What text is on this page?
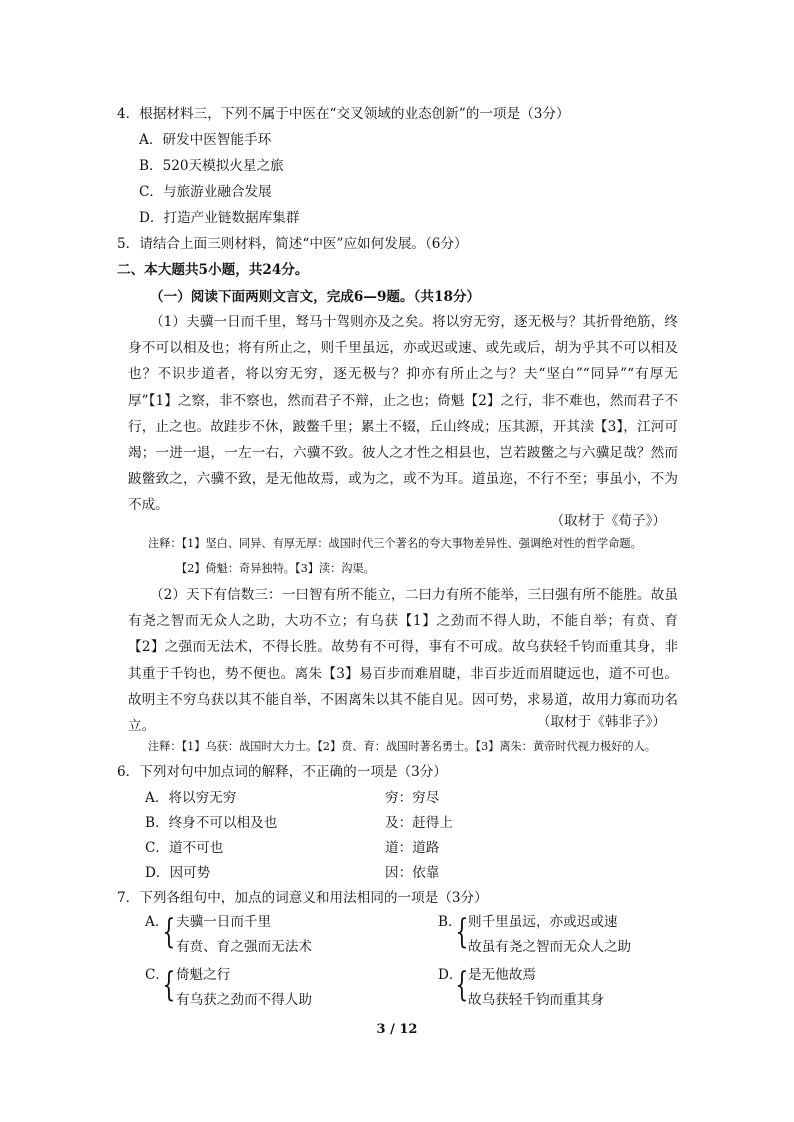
4．根据材料三，下列不属于中医在“交叉领域的业态创新”的一项是（3分）
A．研发中医智能手环
B．520天模拟火星之旅
C．与旅游业融合发展
D．打造产业链数据库集群
5．请结合上面三则材料，简述“中医”应如何发展。（6分）
二、本大题共5小题，共24分。
（一）阅读下面两则文言文，完成6—9题。（共18分）

（1）夫骥一日而千里，驽马十驾则亦及之矣。将以穷无穷，逐无极与？其折骨绝筋，终身不可以相及也；将有所止之，则千里虽远，亦或迟或速、或先或后，胡为乎其不可以相及也？不识步道者，将以穷无穷，逐无极与？抑亦有所止之与？夫“坚白”“同异”“有厚无厚”【1】之察，非不察也，然而君子不辩，止之也；倚魁【2】之行，非不难也，然而君子不行，止之也。故跬步不休，跛鳖千里；累土不辍，丘山终成；压其源，开其渎【3】，江河可竭；一进一退，一左一右，六骥不致。彼人之才性之相县也，岂若跛鳖之与六骥足哉？然而跛鳖致之，六骥不致，是无他故焉，或为之，或不为耳。道虽迩，不行不至；事虽小，不为不成。

（取材于《荀子》）
注释：【1】坚白、同异、有厚无厚：战国时代三个著名的夸大事物差异性、强调绝对性的哲学命题。
【2】倚魁：奇异独特。【3】渎：沟渠。

（2）天下有信数三：一曰智有所不能立，二曰力有所不能举，三曰强有所不能胜。故虽有尧之智而无众人之助，大功不立；有乌获【1】之劲而不得人助，不能自举；有贲、育【2】之强而无法术，不得长胜。故势有不可得，事有不可成。故乌获轻千钧而重其身，非其重于千钧也，势不便也。离朱【3】易百步而难眉睫，非百步近而眉睫远也，道不可也。故明主不穷乌获以其不能自举，不困离朱以其不能自见。因可势，求易道，故用力寡而功名立。	（取材于《韩非子》）
注释：【1】乌获：战国时大力士。【2】贲、育：战国时著名勇士。【3】离朱：黄帝时代视力极好的人。
6．下列对句中加点词的解释，不正确的一项是（3分）
A．将以穷无穷	穷：穷尽
B．终身不可以相及也	及：赶得上
C．道不可也	道：道路
D．因可势	因：依靠
7．下列各组句中，加点的词意义和用法相同的一项是（3分）
A．
{ 夫骥一日而千里
有贲、育之强而无法术
B．
{ 则千里虽远，亦或迟或速
故虽有尧之智而无众人之助
C．
{ 倚魁之行
有乌获之劲而不得人助
D．
{ 是无他故焉
故乌获轻千钧而重其身
3 / 12
